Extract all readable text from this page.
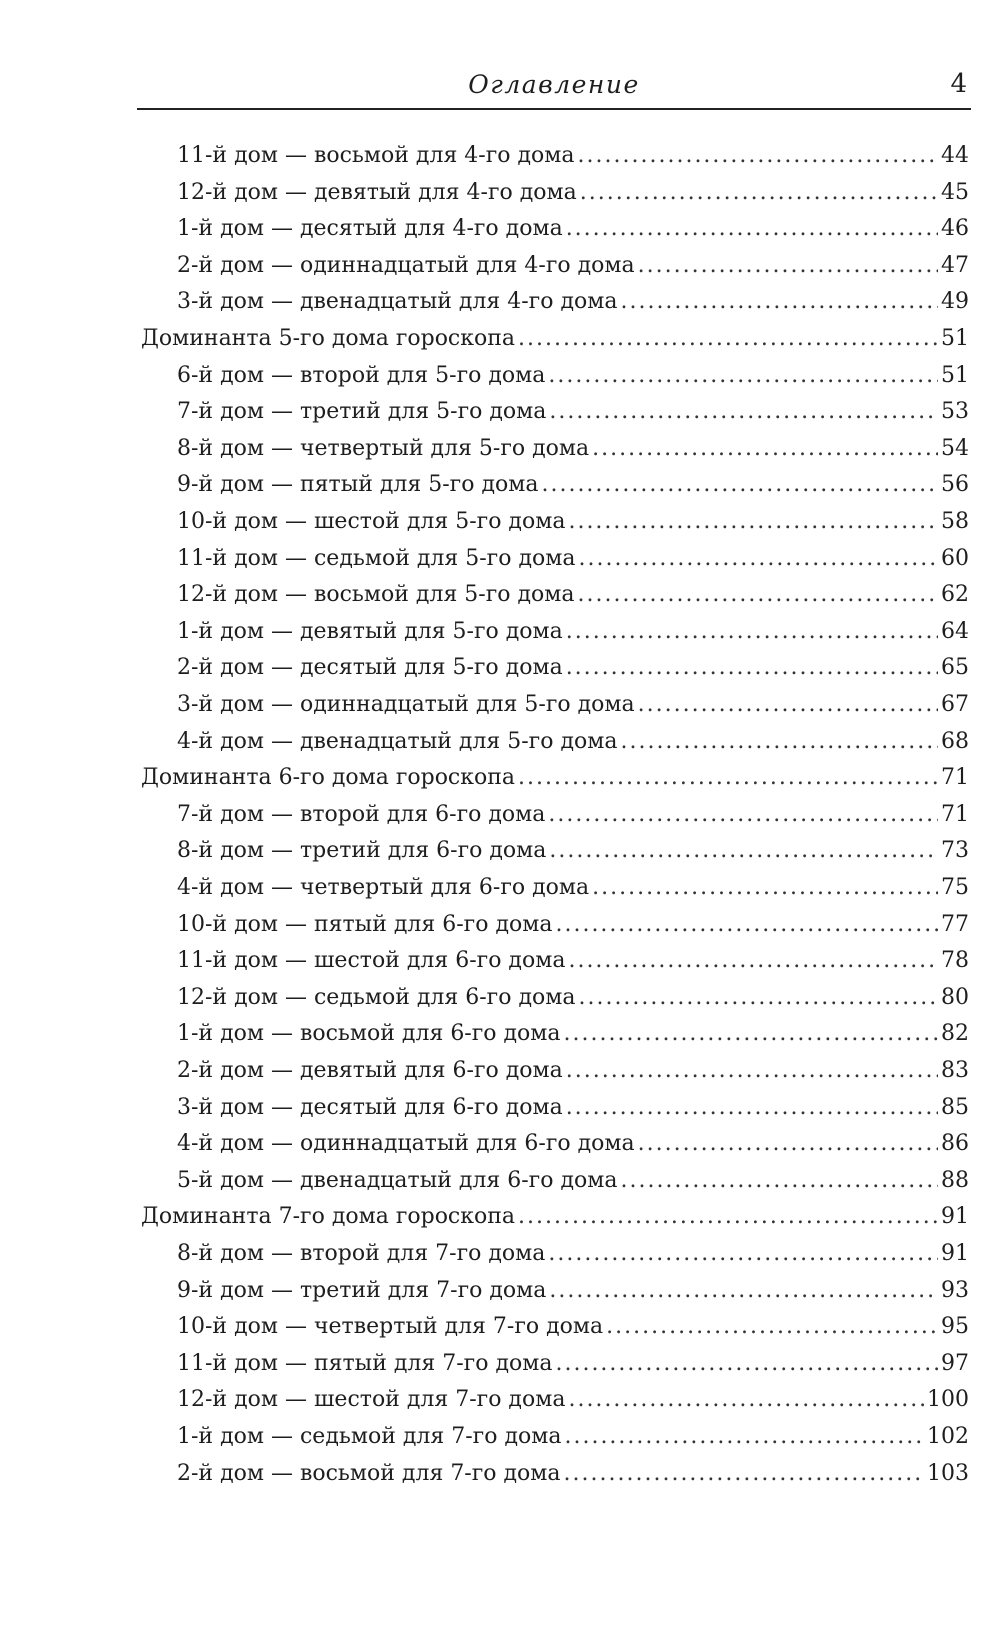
Оглавление	4
11-й дом — восьмой для 4-го дома .....	44
12-й дом — девятый для 4-го дома .....	45
1-й дом — десятый для 4-го дома .....	46
2-й дом — одиннадцатый для 4-го дома .....	47
3-й дом — двенадцатый для 4-го дома .....	49
Доминанта 5-го дома гороскопа .....	51
6-й дом — второй для 5-го дома .....	51
7-й дом — третий для 5-го дома .....	53
8-й дом — четвертый для 5-го дома .....	54
9-й дом — пятый для 5-го дома .....	56
10-й дом — шестой для 5-го дома .....	58
11-й дом — седьмой для 5-го дома .....	60
12-й дом — восьмой для 5-го дома .....	62
1-й дом — девятый для 5-го дома .....	64
2-й дом — десятый для 5-го дома .....	65
3-й дом — одиннадцатый для 5-го дома .....	67
4-й дом — двенадцатый для 5-го дома .....	68
Доминанта 6-го дома гороскопа .....	71
7-й дом — второй для 6-го дома .....	71
8-й дом — третий для 6-го дома .....	73
4-й дом — четвертый для 6-го дома .....	75
10-й дом — пятый для 6-го дома .....	77
11-й дом — шестой для 6-го дома .....	78
12-й дом — седьмой для 6-го дома .....	80
1-й дом — восьмой для 6-го дома .....	82
2-й дом — девятый для 6-го дома .....	83
3-й дом — десятый для 6-го дома .....	85
4-й дом — одиннадцатый для 6-го дома .....	86
5-й дом — двенадцатый для 6-го дома .....	88
Доминанта 7-го дома гороскопа .....	91
8-й дом — второй для 7-го дома .....	91
9-й дом — третий для 7-го дома .....	93
10-й дом — четвертый для 7-го дома .....	95
11-й дом — пятый для 7-го дома .....	97
12-й дом — шестой для 7-го дома .....	100
1-й дом — седьмой для 7-го дома .....	102
2-й дом — восьмой для 7-го дома .....	103
